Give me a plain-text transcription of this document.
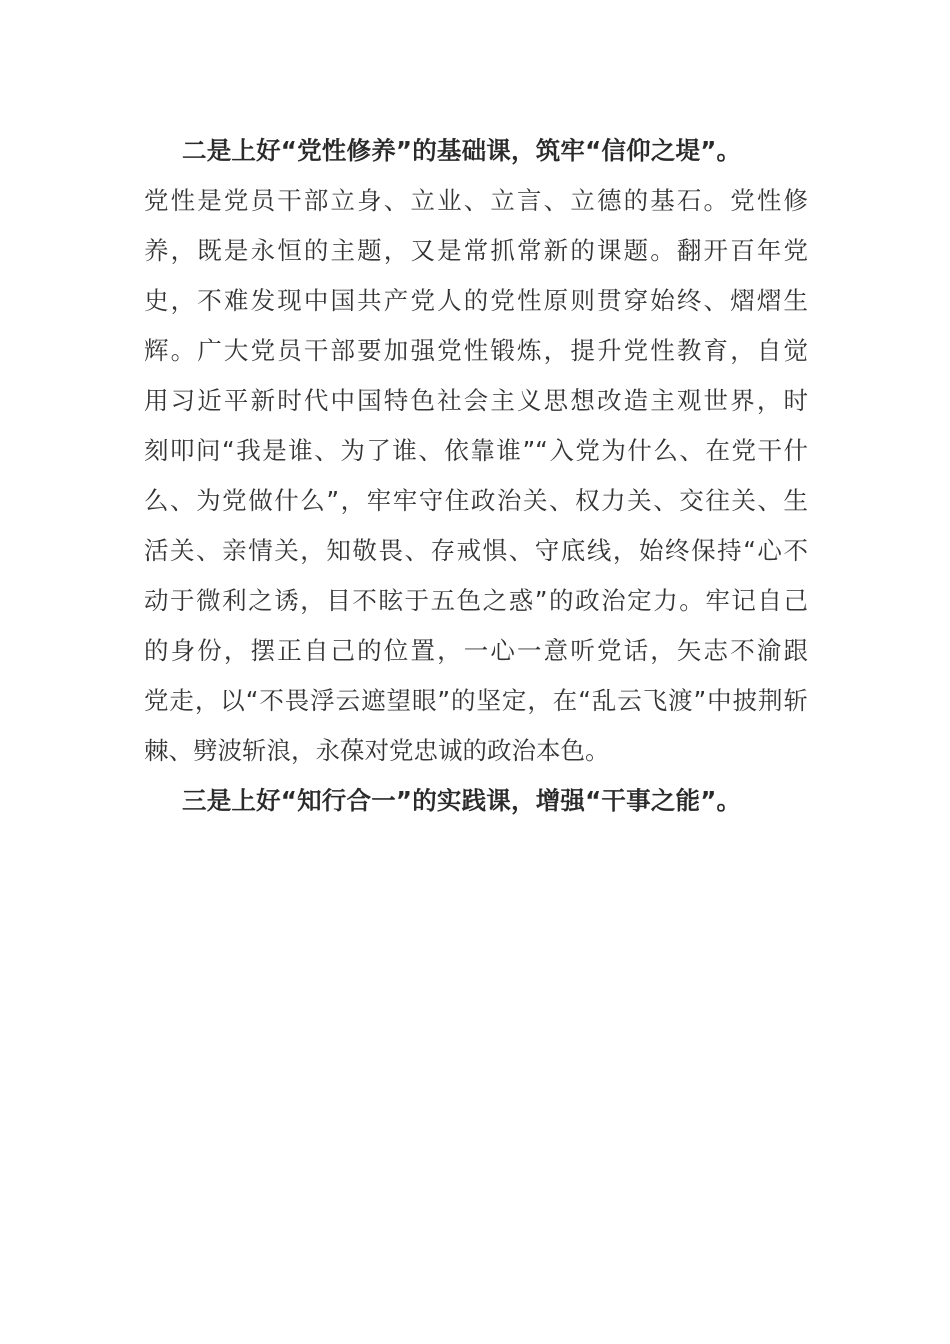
二是上好“党性修养”的基础课，筑牢“信仰之堤”。
党性是党员干部立身、立业、立言、立德的基石。党性修
养，既是永恒的主题，又是常抓常新的课题。翻开百年党
史，不难发现中国共产党人的党性原则贯穿始终、熠熠生
辉。广大党员干部要加强党性锻炼，提升党性教育，自觉
用习近平新时代中国特色社会主义思想改造主观世界，时
刻叩问“我是谁、为了谁、依靠谁”“入党为什么、在党干什
么、为党做什么”，牢牢守住政治关、权力关、交往关、生
活关、亲情关，知敬畏、存戒惧、守底线，始终保持“心不
动于微利之诱，目不眩于五色之惑”的政治定力。牢记自己
的身份，摆正自己的位置，一心一意听党话，矢志不渝跟
党走，以“不畏浮云遮望眼”的坚定，在“乱云飞渡”中披荆斩
棘、劈波斩浪，永葆对党忠诚的政治本色。
三是上好“知行合一”的实践课，增强“干事之能”。
